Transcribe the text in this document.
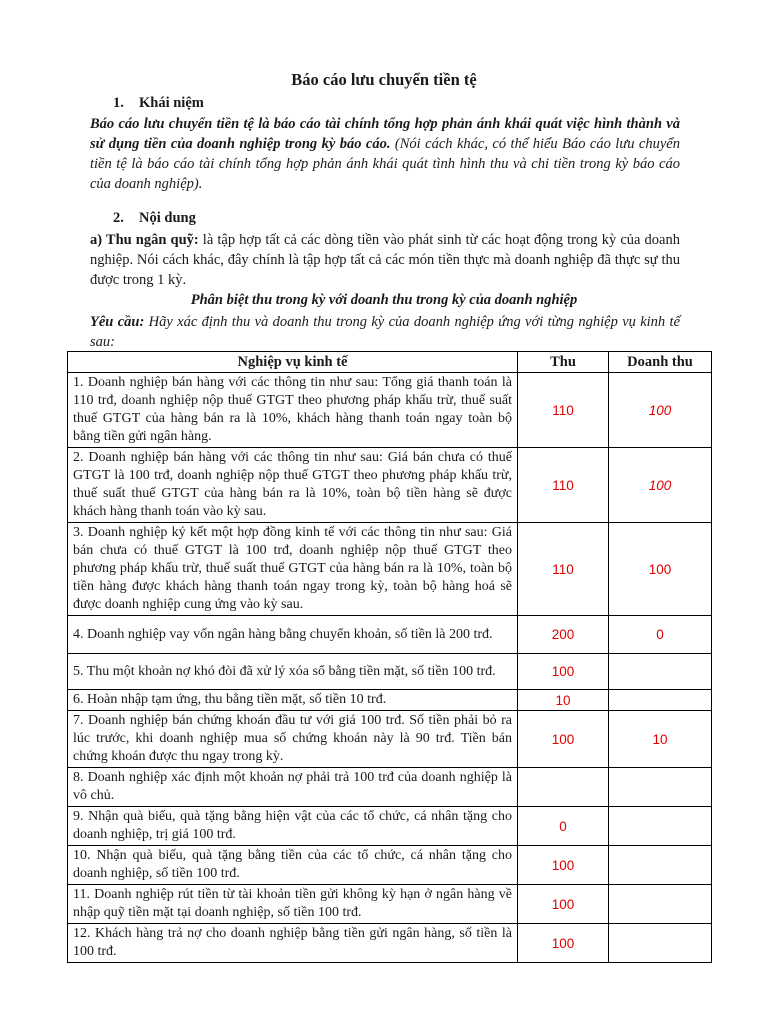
Báo cáo lưu chuyển tiền tệ
1. Khái niệm
Báo cáo lưu chuyển tiền tệ là báo cáo tài chính tổng hợp phản ánh khái quát việc hình thành và sử dụng tiền của doanh nghiệp trong kỳ báo cáo. (Nói cách khác, có thể hiểu Báo cáo lưu chuyển tiền tệ là báo cáo tài chính tổng hợp phản ánh khái quát tình hình thu và chi tiền trong kỳ báo cáo của doanh nghiệp).
2. Nội dung
a) Thu ngân quỹ: là tập hợp tất cả các dòng tiền vào phát sinh từ các hoạt động trong kỳ của doanh nghiệp. Nói cách khác, đây chính là tập hợp tất cả các món tiền thực mà doanh nghiệp đã thực sự thu được trong 1 kỳ.
Phân biệt thu trong kỳ với doanh thu trong kỳ của doanh nghiệp
Yêu cầu: Hãy xác định thu và doanh thu trong kỳ của doanh nghiệp ứng với từng nghiệp vụ kinh tế sau:
Nghiệp vụ kinh tế	Thu	Doanh thu
1. Doanh nghiệp bán hàng với các thông tin như sau: Tổng giá thanh toán là 110 trđ, doanh nghiệp nộp thuế GTGT theo phương pháp khấu trừ, thuế suất thuế GTGT của hàng bán ra là 10%, khách hàng thanh toán ngay toàn bộ bằng tiền gửi ngân hàng.	110	100
2. Doanh nghiệp bán hàng với các thông tin như sau: Giá bán chưa có thuế GTGT là 100 trđ, doanh nghiệp nộp thuế GTGT theo phương pháp khấu trừ, thuế suất thuế GTGT của hàng bán ra là 10%, toàn bộ tiền hàng sẽ được khách hàng thanh toán vào kỳ sau.	110	100
3. Doanh nghiệp ký kết một hợp đồng kinh tế với các thông tin như sau: Giá bán chưa có thuế GTGT là 100 trđ, doanh nghiệp nộp thuế GTGT theo phương pháp khấu trừ, thuế suất thuế GTGT của hàng bán ra là 10%, toàn bộ tiền hàng được khách hàng thanh toán ngay trong kỳ, toàn bộ hàng hoá sẽ được doanh nghiệp cung ứng vào kỳ sau.	110	100
4. Doanh nghiệp vay vốn ngân hàng bằng chuyển khoản, số tiền là 200 trđ.	200	0
5. Thu một khoản nợ khó đòi đã xử lý xóa sổ bằng tiền mặt, số tiền 100 trđ.	100	
6. Hoàn nhập tạm ứng, thu bằng tiền mặt, số tiền 10 trđ.	10	
7. Doanh nghiệp bán chứng khoán đầu tư với giá 100 trđ. Số tiền phải bỏ ra lúc trước, khi doanh nghiệp mua số chứng khoán này là 90 trđ. Tiền bán chứng khoán được thu ngay trong kỳ.	100	10
8. Doanh nghiệp xác định một khoản nợ phải trả 100 trđ của doanh nghiệp là vô chủ.		
9. Nhận quà biếu, quà tặng bằng hiện vật của các tổ chức, cá nhân tặng cho doanh nghiệp, trị giá 100 trđ.	0	
10. Nhận quà biếu, quà tặng bằng tiền của các tổ chức, cá nhân tặng cho doanh nghiệp, số tiền 100 trđ.	100	
11. Doanh nghiệp rút tiền từ tài khoản tiền gửi không kỳ hạn ở ngân hàng về nhập quỹ tiền mặt tại doanh nghiệp, số tiền 100 trđ.	100	
12. Khách hàng trả nợ cho doanh nghiệp bằng tiền gửi ngân hàng, số tiền là 100 trđ.	100	
